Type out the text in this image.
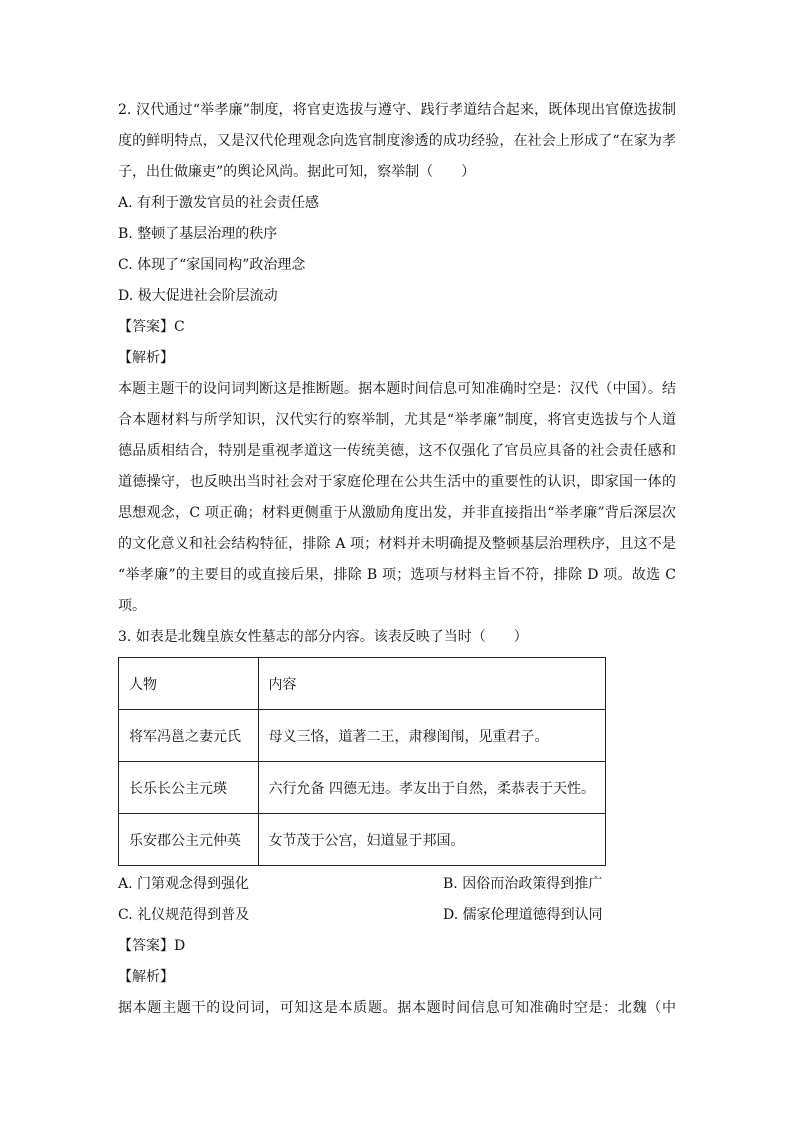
2. 汉代通过“举孝廉”制度，将官吏选拔与遵守、践行孝道结合起来，既体现出官僚选拔制
度的鲜明特点，又是汉代伦理观念向选官制度渗透的成功经验，在社会上形成了“在家为孝
子，出仕做廉吏”的舆论风尚。据此可知，察举制（　　）
A. 有利于激发官员的社会责任感
B. 整顿了基层治理的秩序
C. 体现了“家国同构”政治理念
D. 极大促进社会阶层流动
【答案】C
【解析】
本题主题干的设问词判断这是推断题。据本题时间信息可知准确时空是：汉代（中国）。结
合本题材料与所学知识，汉代实行的察举制，尤其是“举孝廉”制度，将官吏选拔与个人道
德品质相结合，特别是重视孝道这一传统美德，这不仅强化了官员应具备的社会责任感和
道德操守，也反映出当时社会对于家庭伦理在公共生活中的重要性的认识，即家国一体的
思想观念，C 项正确；材料更侧重于从激励角度出发，并非直接指出“举孝廉”背后深层次
的文化意义和社会结构特征，排除 A 项；材料并未明确提及整顿基层治理秩序，且这不是
“举孝廉”的主要目的或直接后果，排除 B 项；选项与材料主旨不符，排除 D 项。故选 C
项。
3. 如表是北魏皇族女性墓志的部分内容。该表反映了当时（　　）
人物	内容
将军冯邕之妻元氏	母义三恪，道著二王，肃穆闺闱，见重君子。
长乐长公主元瑛	六行允备 四德无违。孝友出于自然，柔恭表于天性。
乐安郡公主元仲英	女节茂于公宫，妇道显于邦国。
A. 门第观念得到强化	B. 因俗而治政策得到推广
C. 礼仪规范得到普及	D. 儒家伦理道德得到认同
【答案】D
【解析】
据本题主题干的设问词，可知这是本质题。据本题时间信息可知准确时空是：北魏（中
